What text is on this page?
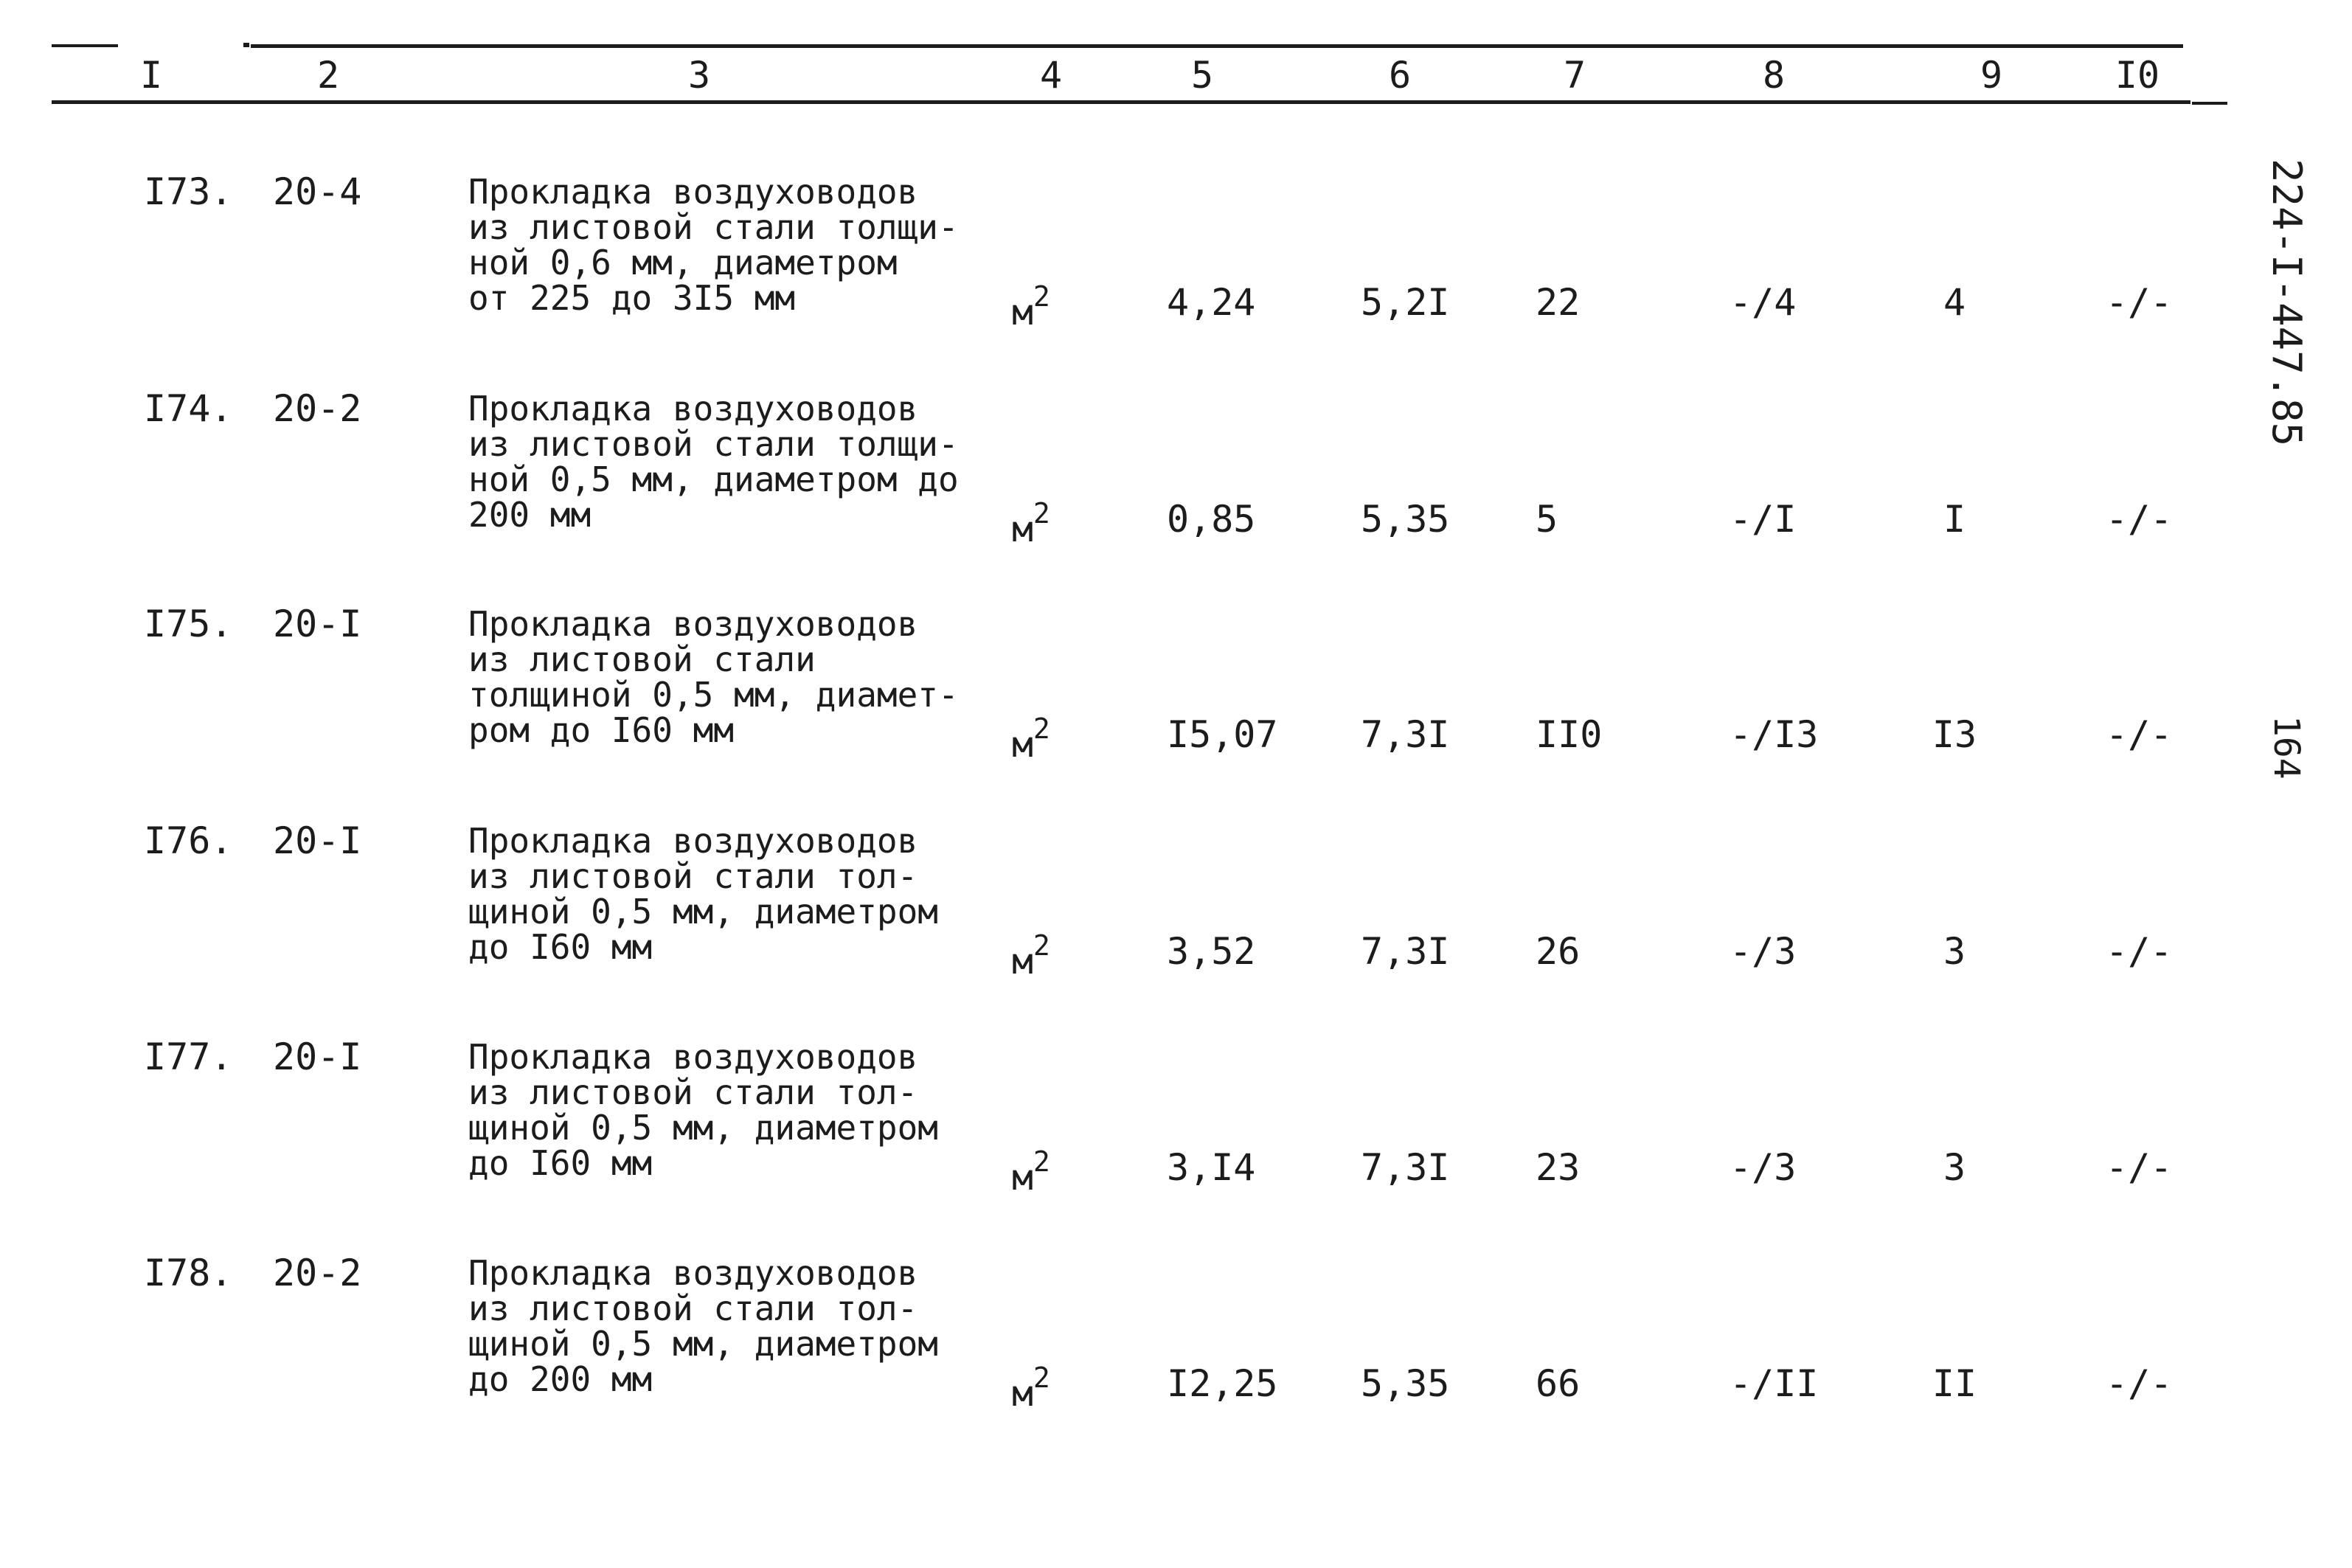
I	2	3	4	5	6	7	8	9	I0
I73. 20-4	Прокладка воздуховодов
из листовой стали толщи-
ной 0,6 мм, диаметром
от 225 до 3I5 мм	$м^2$	4,24	5,2I 22	-/4	4	-/-
I74. 20-2	Прокладка воздуховодов
из листовой стали толщи-
ной 0,5 мм, диаметром до
200 мм	$м^2$	0,85	5,35 5	-/I	I	-/-
I75. 20-I	Прокладка воздуховодов
из листовой стали
толщиной 0,5 мм, диамет-
ром до I60 мм	$м^2$	I5,07 7,3I II0	-/I3	I3	-/-
I76. 20-I	Прокладка воздуховодов
из листовой стали тол-
щиной 0,5 мм, диаметром
до I60 мм	$м^2$	3,52	7,3I 26	-/3	3	-/-
I77. 20-I	Прокладка воздуховодов
из листовой стали тол-
щиной 0,5 мм, диаметром
до I60 мм	$м^2$	3,I4	7,3I 23	-/3	3	-/-
I78. 20-2	Прокладка воздуховодов
из листовой стали тол-
щиной 0,5 мм, диаметром
до 200 мм	$м^2$	I2,25 5,35 66	-/II	II	-/-
224-I-447.85
164
